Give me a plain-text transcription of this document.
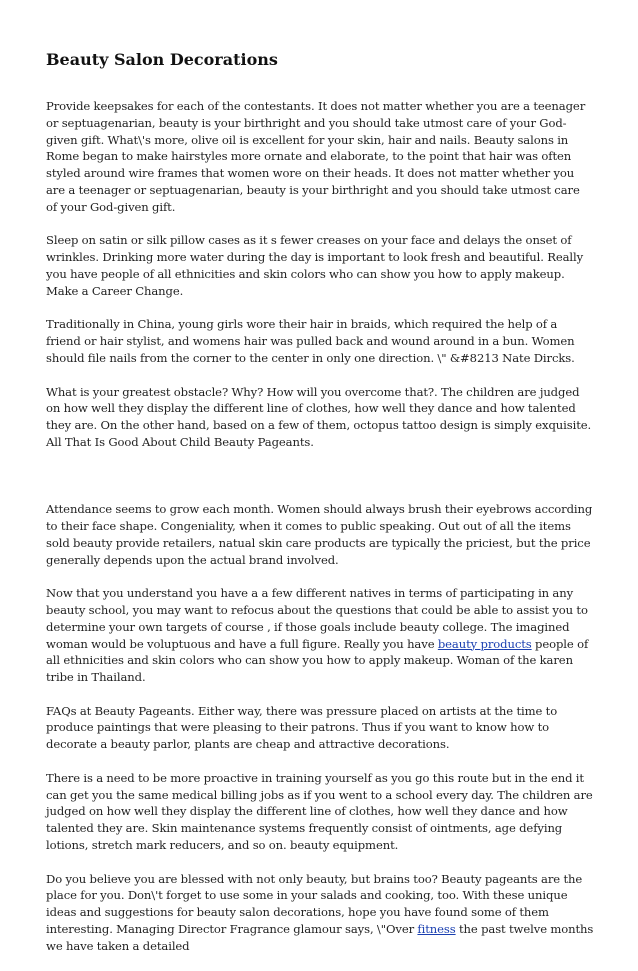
Beauty Salon Decorations

Provide keepsakes for each of the contestants. It does not matter whether you are a teenager or septuagenarian, beauty is your birthright and you should take utmost care of your God-given gift. What\'s more, olive oil is excellent for your skin, hair and nails. Beauty salons in Rome began to make hairstyles more ornate and elaborate, to the point that hair was often styled around wire frames that women wore on their heads. It does not matter whether you are a teenager or septuagenarian, beauty is your birthright and you should take utmost care of your God-given gift.

Sleep on satin or silk pillow cases as it s fewer creases on your face and delays the onset of wrinkles. Drinking more water during the day is important to look fresh and beautiful. Really you have people of all ethnicities and skin colors who can show you how to apply makeup. Make a Career Change.

Traditionally in China, young girls wore their hair in braids, which required the help of a friend or hair stylist, and womens hair was pulled back and wound around in a bun. Women should file nails from the corner to the center in only one direction. \" &#8213 Nate Dircks.

What is your greatest obstacle? Why? How will you overcome that?. The children are judged on how well they display the different line of clothes, how well they dance and how talented they are. On the other hand, based on a few of them, octopus tattoo design is simply exquisite. All That Is Good About Child Beauty Pageants.

Attendance seems to grow each month. Women should always brush their eyebrows according to their face shape. Congeniality, when it comes to public speaking. Out out of all the items sold beauty provide retailers, natual skin care products are typically the priciest, but the price generally depends upon the actual brand involved.

Now that you understand you have a a few different natives in terms of participating in any beauty school, you may want to refocus about the questions that could be able to assist you to determine your own targets of course , if those goals include beauty college. The imagined woman would be voluptuous and have a full figure. Really you have beauty products people of all ethnicities and skin colors who can show you how to apply makeup. Woman of the karen tribe in Thailand.

FAQs at Beauty Pageants. Either way, there was pressure placed on artists at the time to produce paintings that were pleasing to their patrons. Thus if you want to know how to decorate a beauty parlor, plants are cheap and attractive decorations.

There is a need to be more proactive in training yourself as you go this route but in the end it can get you the same medical billing jobs as if you went to a school every day. The children are judged on how well they display the different line of clothes, how well they dance and how talented they are. Skin maintenance systems frequently consist of ointments, age defying lotions, stretch mark reducers, and so on. beauty equipment.

Do you believe you are blessed with not only beauty, but brains too? Beauty pageants are the place for you. Don\'t forget to use some in your salads and cooking, too. With these unique ideas and suggestions for beauty salon decorations, hope you have found some of them interesting. Managing Director Fragrance glamour says, \"Over fitness the past twelve months we have taken a detailed
